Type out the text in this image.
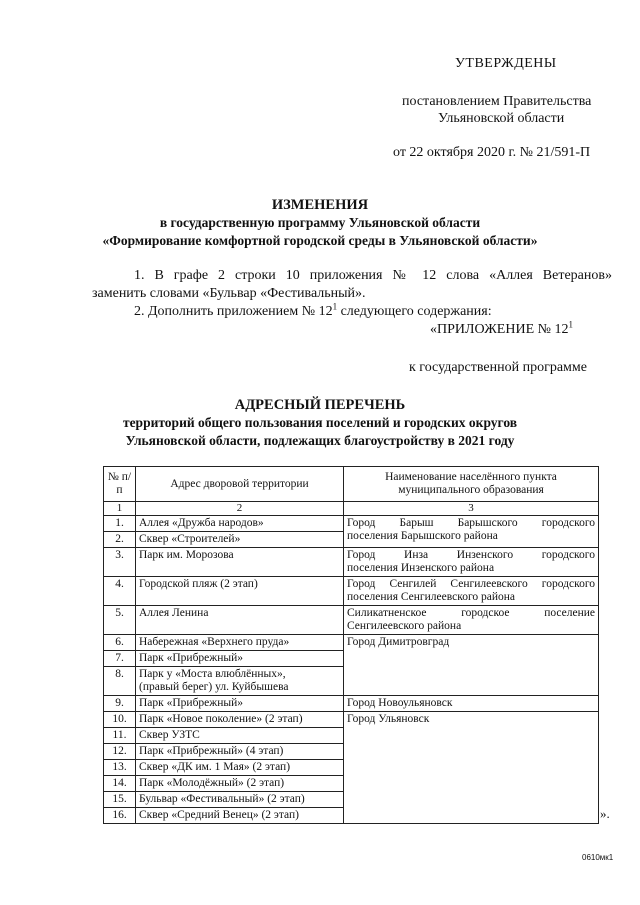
УТВЕРЖДЕНЫ
постановлением Правительства
Ульяновской области
от 22 октября 2020 г. № 21/591-П
ИЗМЕНЕНИЯ
в государственную программу Ульяновской области
«Формирование комфортной городской среды в Ульяновской области»
1. В графе 2 строки 10 приложения № 12 слова «Аллея Ветеранов»
заменить словами «Бульвар «Фестивальный».
2. Дополнить приложением № $12^1$ следующего содержания:
«ПРИЛОЖЕНИЕ № $12^1$
к государственной программе
АДРЕСНЫЙ ПЕРЕЧЕНЬ
территорий общего пользования поселений и городских округов
Ульяновской области, подлежащих благоустройству в 2021 году
№ п/п	Адрес дворовой территории	Наименование населённого пункта муниципального образования
1	2	3
1.	Аллея «Дружба народов»	Город Барыш Барышского городского
поселения Барышского района
2.	Сквер «Строителей»	
3.	Парк им. Морозова	Город Инза Инзенского городского
поселения Инзенского района
4.	Городской пляж (2 этап)	Город Сенгилей Сенгилеевского городского
поселения Сенгилеевского района
5.	Аллея Ленина	Силикатненское городское поселение
Сенгилеевского района
6.	Набережная «Верхнего пруда»	Город Димитровград
7.	Парк «Прибрежный»	
8.	Парк у «Моста влюблённых»,
(правый берег) ул. Куйбышева	
9.	Парк «Прибрежный»	Город Новоульяновск
10.	Парк «Новое поколение» (2 этап)	Город Ульяновск
11.	Сквер УЗТС	
12.	Парк «Прибрежный» (4 этап)	
13.	Сквер «ДК им. 1 Мая» (2 этап)	
14.	Парк «Молодёжный» (2 этап)	
15.	Бульвар «Фестивальный» (2 этап)	
16.	Сквер «Средний Венец» (2 этап)		».
0610мк1
